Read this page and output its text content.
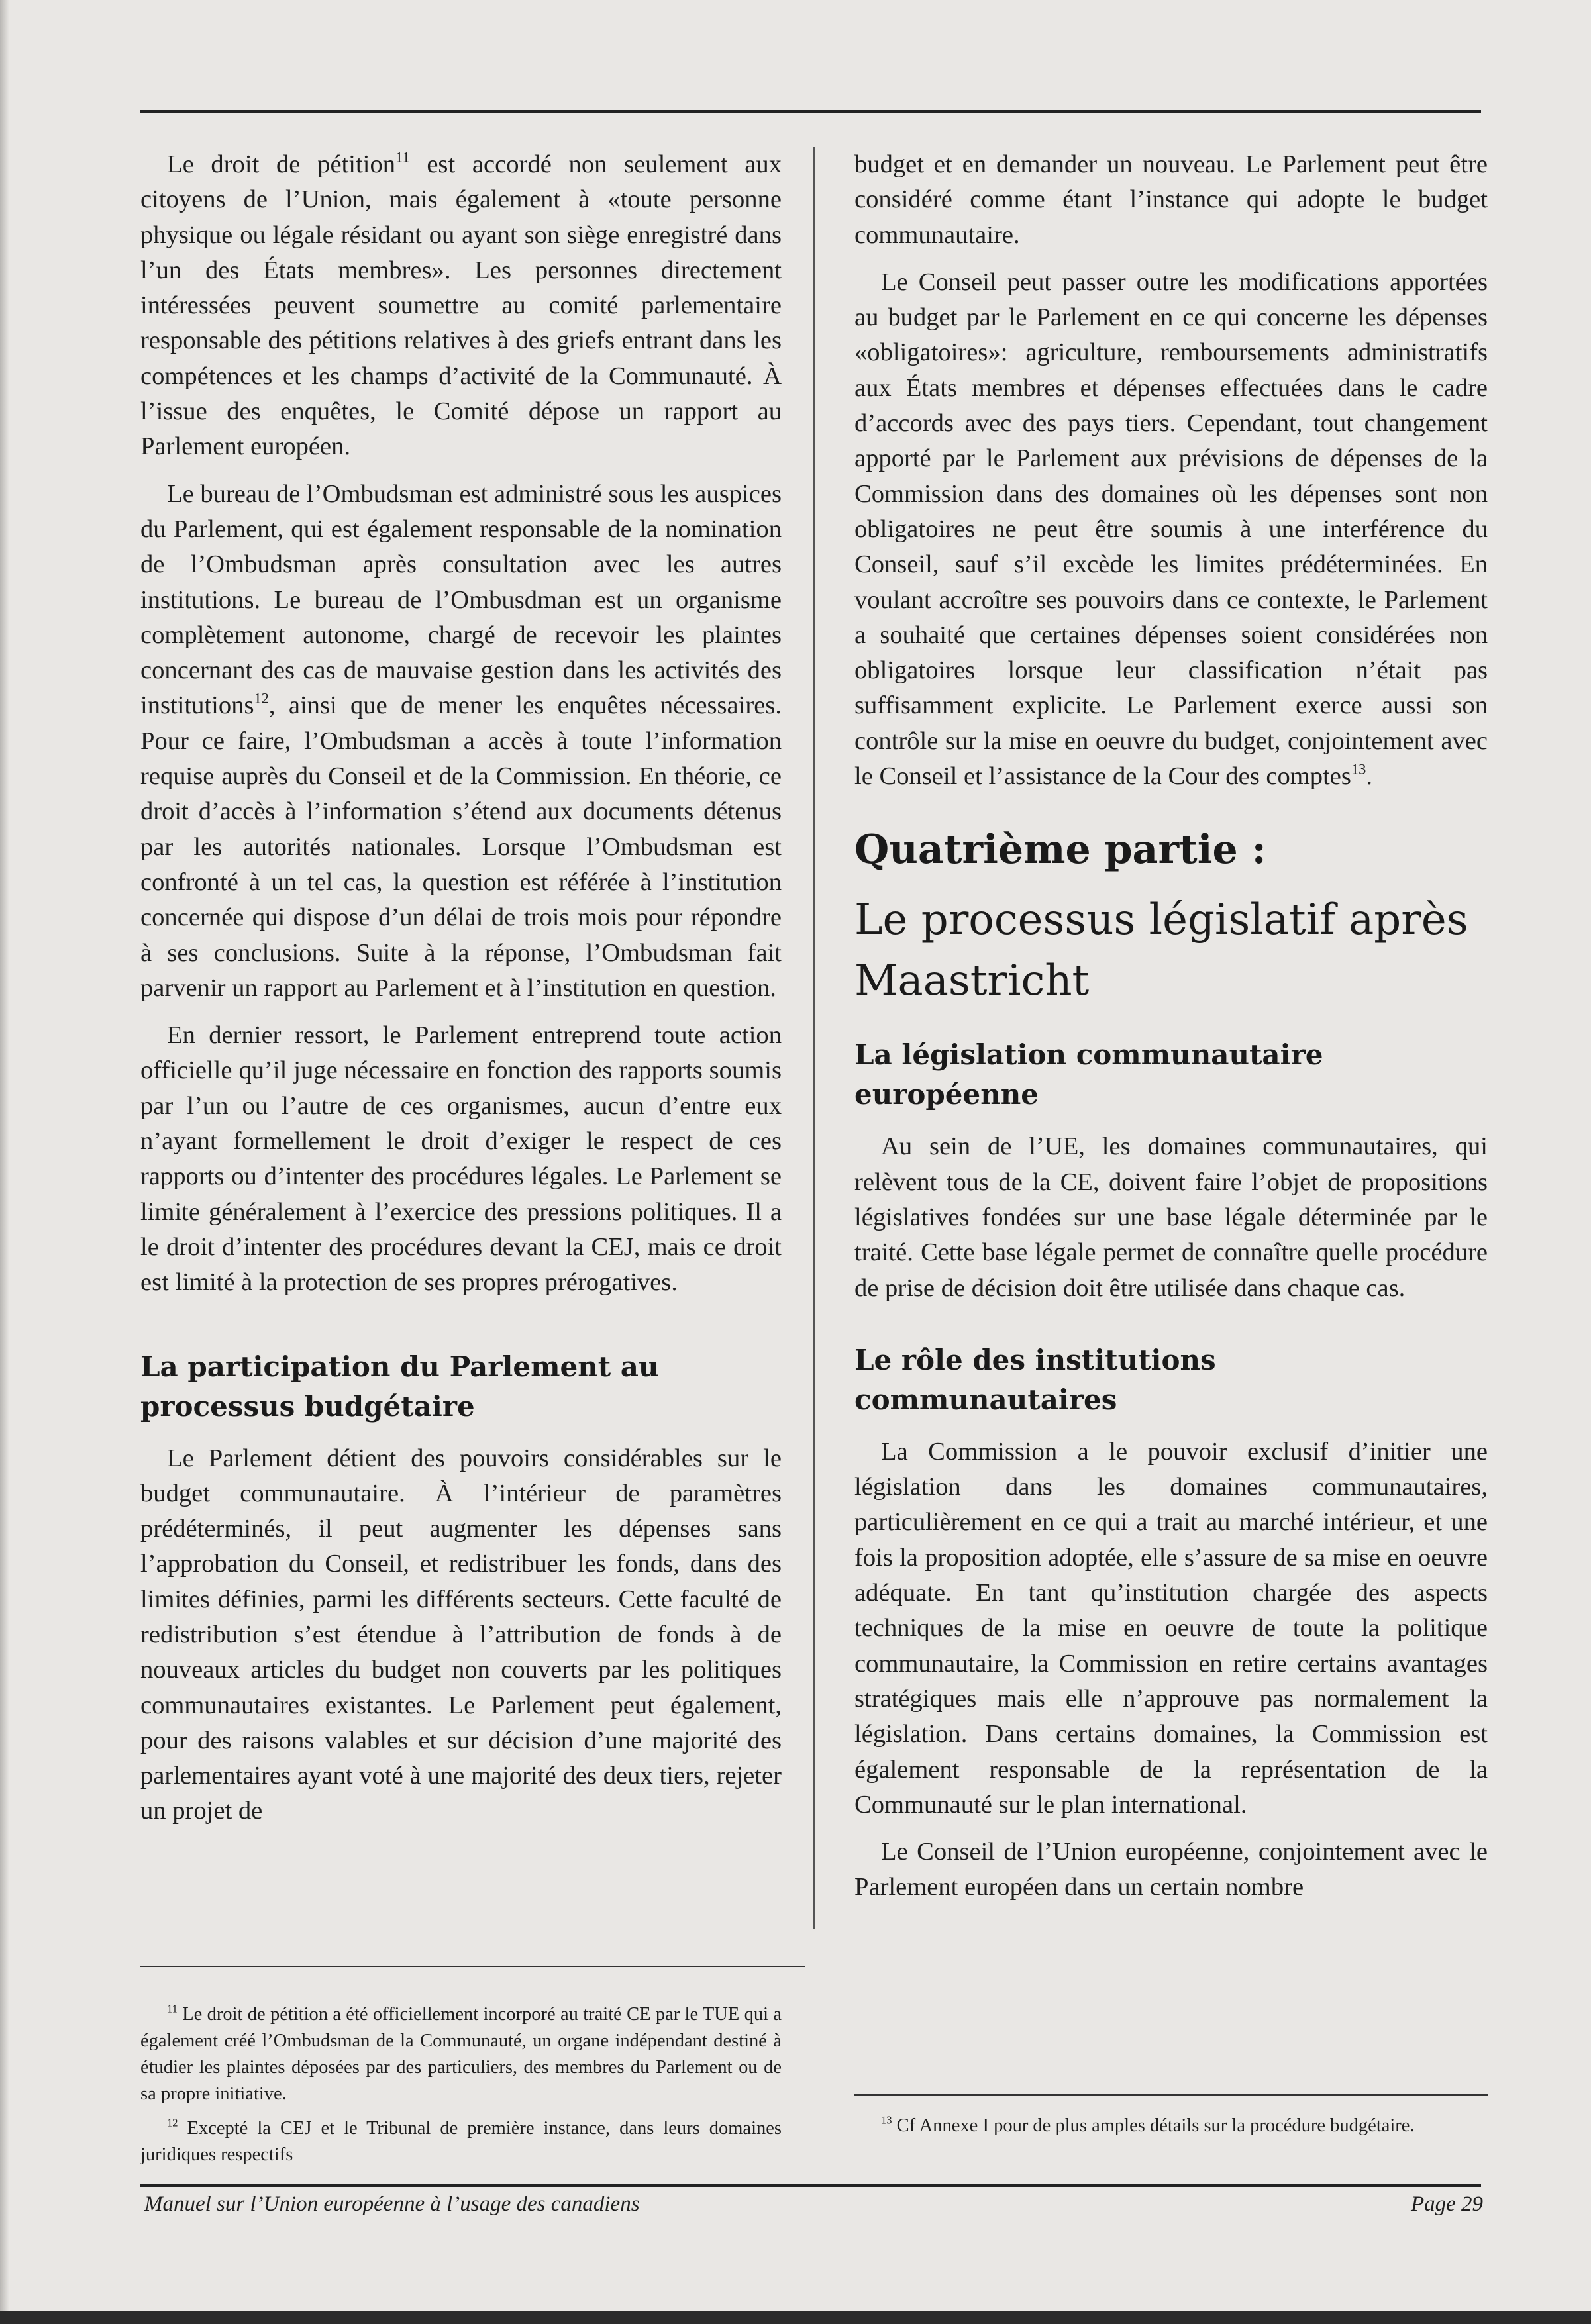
Le droit de pétition$^{11}$ est accordé non seulement aux citoyens de l’Union, mais également à «toute personne physique ou légale résidant ou ayant son siège enregistré dans l’un des États membres». Les personnes directement intéressées peuvent soumettre au comité parlementaire responsable des pétitions relatives à des griefs entrant dans les compétences et les champs d’activité de la Communauté. À l’issue des enquêtes, le Comité dépose un rapport au Parlement européen.

Le bureau de l’Ombudsman est administré sous les auspices du Parlement, qui est également responsable de la nomination de l’Ombudsman après consultation avec les autres institutions. Le bureau de l’Ombusdman est un organisme complètement autonome, chargé de recevoir les plaintes concernant des cas de mauvaise gestion dans les activités des institutions$^{12}$, ainsi que de mener les enquêtes nécessaires. Pour ce faire, l’Ombudsman a accès à toute l’information requise auprès du Conseil et de la Commission. En théorie, ce droit d’accès à l’information s’étend aux documents détenus par les autorités nationales. Lorsque l’Ombudsman est confronté à un tel cas, la question est référée à l’institution concernée qui dispose d’un délai de trois mois pour répondre à ses conclusions. Suite à la réponse, l’Ombudsman fait parvenir un rapport au Parlement et à l’institution en question.

En dernier ressort, le Parlement entreprend toute action officielle qu’il juge nécessaire en fonction des rapports soumis par l’un ou l’autre de ces organismes, aucun d’entre eux n’ayant formellement le droit d’exiger le respect de ces rapports ou d’intenter des procédures légales. Le Parlement se limite généralement à l’exercice des pressions politiques. Il a le droit d’intenter des procédures devant la CEJ, mais ce droit est limité à la protection de ses propres prérogatives.

La participation du Parlement au processus budgétaire

Le Parlement détient des pouvoirs considérables sur le budget communautaire. À l’intérieur de paramètres prédéterminés, il peut augmenter les dépenses sans l’approbation du Conseil, et redistribuer les fonds, dans des limites définies, parmi les différents secteurs. Cette faculté de redistribution s’est étendue à l’attribution de fonds à de nouveaux articles du budget non couverts par les politiques communautaires existantes. Le Parlement peut également, pour des raisons valables et sur décision d’une majorité des parlementaires ayant voté à une majorité des deux tiers, rejeter un projet de

budget et en demander un nouveau. Le Parlement peut être considéré comme étant l’instance qui adopte le budget communautaire.

Le Conseil peut passer outre les modifications apportées au budget par le Parlement en ce qui concerne les dépenses «obligatoires»: agriculture, remboursements administratifs aux États membres et dépenses effectuées dans le cadre d’accords avec des pays tiers. Cependant, tout changement apporté par le Parlement aux prévisions de dépenses de la Commission dans des domaines où les dépenses sont non obligatoires ne peut être soumis à une interférence du Conseil, sauf s’il excède les limites prédéterminées. En voulant accroître ses pouvoirs dans ce contexte, le Parlement a souhaité que certaines dépenses soient considérées non obligatoires lorsque leur classification n’était pas suffisamment explicite. Le Parlement exerce aussi son contrôle sur la mise en oeuvre du budget, conjointement avec le Conseil et l’assistance de la Cour des comptes$^{13}$.

Quatrième partie :
Le processus législatif après Maastricht
La législation communautaire européenne

Au sein de l’UE, les domaines communautaires, qui relèvent tous de la CE, doivent faire l’objet de propositions législatives fondées sur une base légale déterminée par le traité. Cette base légale permet de connaître quelle procédure de prise de décision doit être utilisée dans chaque cas.

Le rôle des institutions communautaires

La Commission a le pouvoir exclusif d’initier une législation dans les domaines communautaires, particulièrement en ce qui a trait au marché intérieur, et une fois la proposition adoptée, elle s’assure de sa mise en oeuvre adéquate. En tant qu’institution chargée des aspects techniques de la mise en oeuvre de toute la politique communautaire, la Commission en retire certains avantages stratégiques mais elle n’approuve pas normalement la législation. Dans certains domaines, la Commission est également responsable de la représentation de la Communauté sur le plan international.

Le Conseil de l’Union européenne, conjointement avec le Parlement européen dans un certain nombre

$^{11}$ Le droit de pétition a été officiellement incorporé au traité CE par le TUE qui a également créé l’Ombudsman de la Communauté, un organe indépendant destiné à étudier les plaintes déposées par des particuliers, des membres du Parlement ou de sa propre initiative.

$^{12}$ Excepté la CEJ et le Tribunal de première instance, dans leurs domaines juridiques respectifs

$^{13}$ Cf Annexe I pour de plus amples détails sur la procédure budgétaire.

Manuel sur l’Union européenne à l’usage des canadiens	Page 29
